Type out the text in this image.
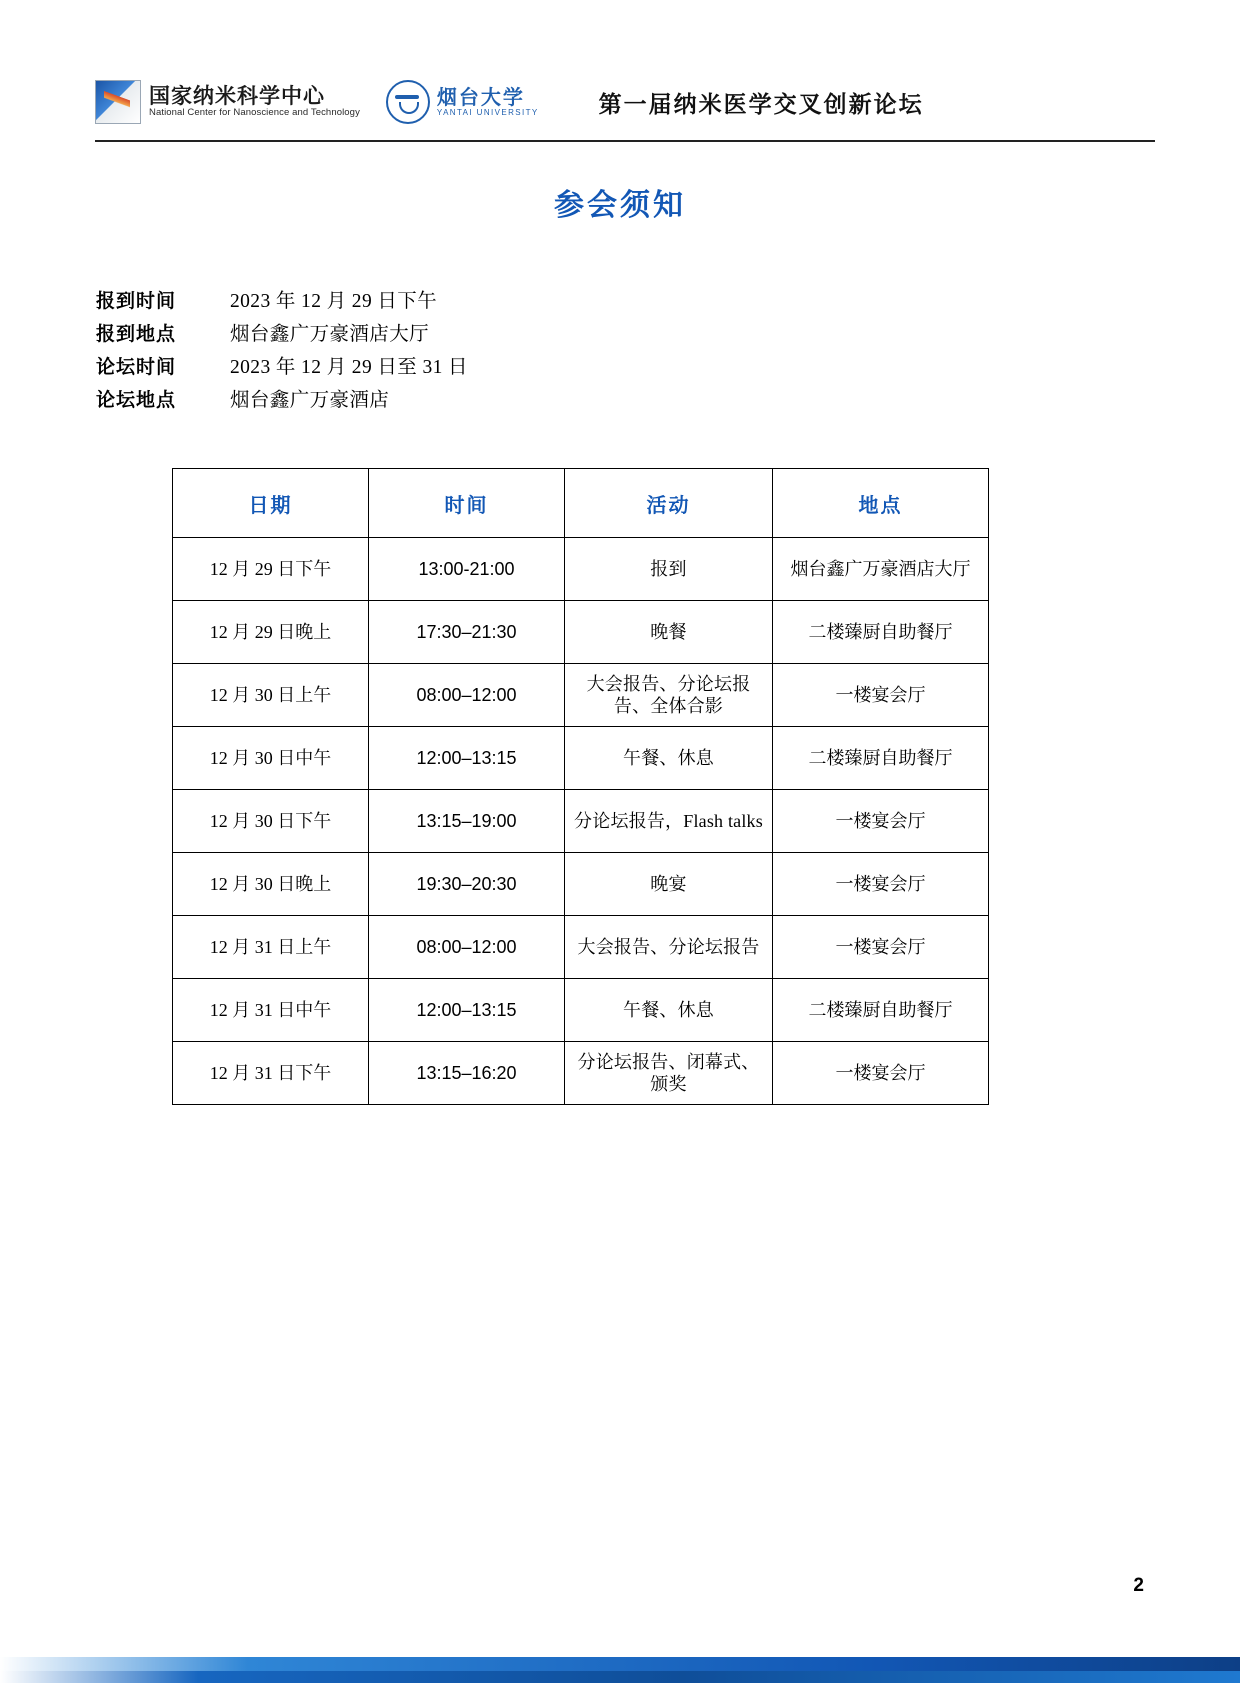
国家纳米科学中心
National Center for Nanoscience and Technology
烟台大学
YANTAI UNIVERSITY	第一届纳米医学交叉创新论坛
参会须知
报到时间	2023 年 12 月 29 日下午
报到地点	烟台鑫广万豪酒店大厅
论坛时间	2023 年 12 月 29 日至 31 日
论坛地点	烟台鑫广万豪酒店
日期	时间	活动	地点
12 月 29 日下午	13:00-21:00	报到	烟台鑫广万豪酒店大厅
12 月 29 日晚上	17:30–21:30	晚餐	二楼臻厨自助餐厅
12 月 30 日上午	08:00–12:00	大会报告、分论坛报告、全体合影	一楼宴会厅
12 月 30 日中午	12:00–13:15	午餐、休息	二楼臻厨自助餐厅
12 月 30 日下午	13:15–19:00	分论坛报告，Flash talks	一楼宴会厅
12 月 30 日晚上	19:30–20:30	晚宴	一楼宴会厅
12 月 31 日上午	08:00–12:00	大会报告、分论坛报告	一楼宴会厅
12 月 31 日中午	12:00–13:15	午餐、休息	二楼臻厨自助餐厅
12 月 31 日下午	13:15–16:20	分论坛报告、闭幕式、颁奖	一楼宴会厅
2
